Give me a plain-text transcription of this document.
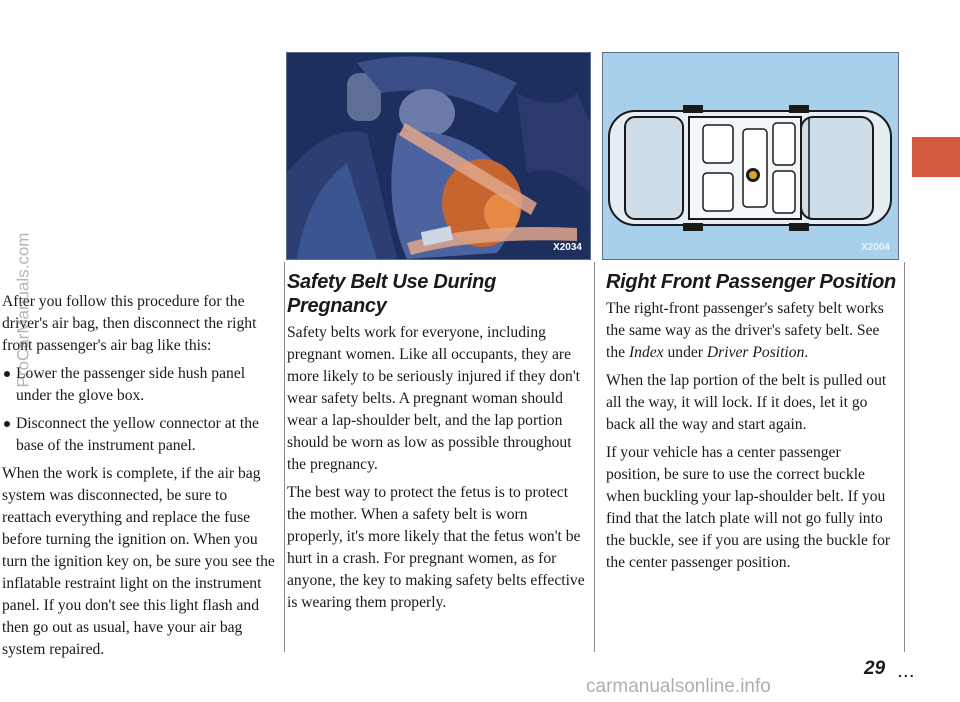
X2034	X2004

After you follow this procedure for the driver's air bag, then disconnect the right front passenger's air bag like this:

Lower the passenger side hush panel under the glove box.
Disconnect the yellow connector at the base of the instrument panel.

When the work is complete, if the air bag system was disconnected, be sure to reattach everything and replace the fuse before turning the ignition on. When you turn the ignition key on, be sure you see the inflatable restraint light on the instrument panel. If you don't see this light flash and then go out as usual, have your air bag system repaired.

Safety Belt Use During Pregnancy

Safety belts work for everyone, including pregnant women. Like all occupants, they are more likely to be seriously injured if they don't wear safety belts. A pregnant woman should wear a lap-shoulder belt, and the lap portion should be worn as low as possible throughout the pregnancy.

The best way to protect the fetus is to protect the mother. When a safety belt is worn properly, it's more likely that the fetus won't be hurt in a crash. For pregnant women, as for anyone, the key to making safety belts effective is wearing them properly.

Right Front Passenger Position

The right-front passenger's safety belt works the same way as the driver's safety belt. See the Index under Driver Position.

When the lap portion of the belt is pulled out all the way, it will lock. If it does, let it go back all the way and start again.

If your vehicle has a center passenger position, be sure to use the correct buckle when buckling your lap-shoulder belt. If you find that the latch plate will not go fully into the buckle, see if you are using the buckle for the center passenger position.

29 ...
ProCarManuals.com
carmanualsonline.info
